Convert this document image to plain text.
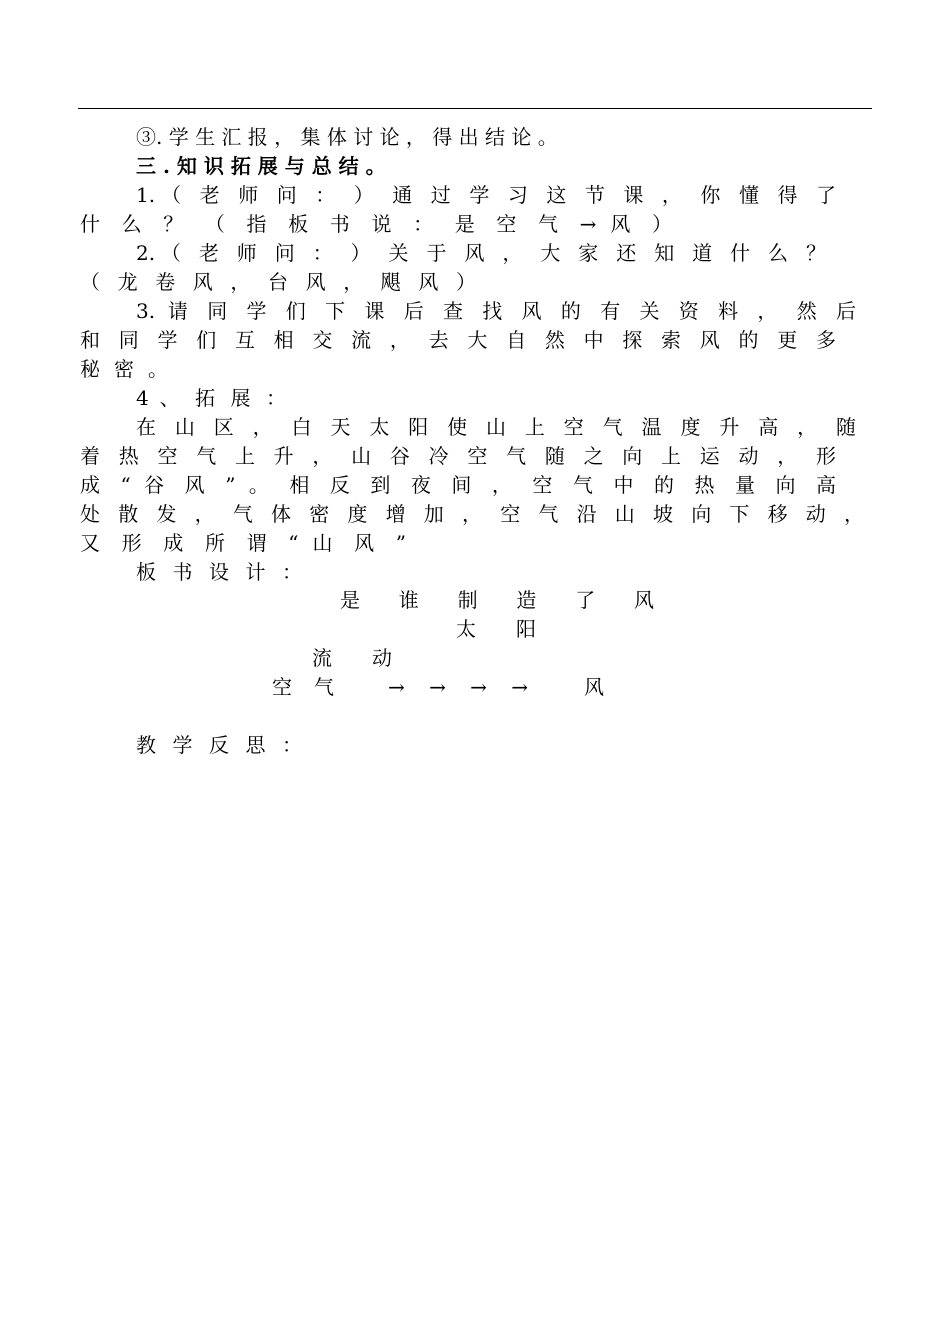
③. 学 生 汇 报 ， 集 体 讨 论 ， 得 出 结 论 。
三 . 知 识 拓 展 与 总 结 。
1.（ 老 师 问 ： ） 通 过 学 习 这 节 课 ， 你 懂 得 了
什 么 ？ （ 指 板 书 说 ： 是 空 气 → 风 ）
2.（ 老 师 问 ： ） 关 于 风 ， 大 家 还 知 道 什 么 ？
（ 龙 卷 风 ， 台 风 ， 飓 风 ）
3. 请 同 学 们 下 课 后 查 找 风 的 有 关 资 料 ， 然 后
和 同 学 们 互 相 交 流 ， 去 大 自 然 中 探 索 风 的 更 多
秘 密 。
4 、 拓 展 ：
在 山 区 ， 白 天 太 阳 使 山 上 空 气 温 度 升 高 ， 随
着 热 空 气 上 升 ， 山 谷 冷 空 气 随 之 向 上 运 动 ， 形
成 “ 谷 风 ” 。 相 反 到 夜 间 ， 空 气 中 的 热 量 向 高
处 散 发 ， 气 体 密 度 增 加 ， 空 气 沿 山 坡 向 下 移 动 ，
又 形 成 所 谓 “ 山 风 ”
板 书 设 计 ：
是 谁 制 造 了 风
太 阳
流 动
空 气	→ → → →	风
教 学 反 思 ：
